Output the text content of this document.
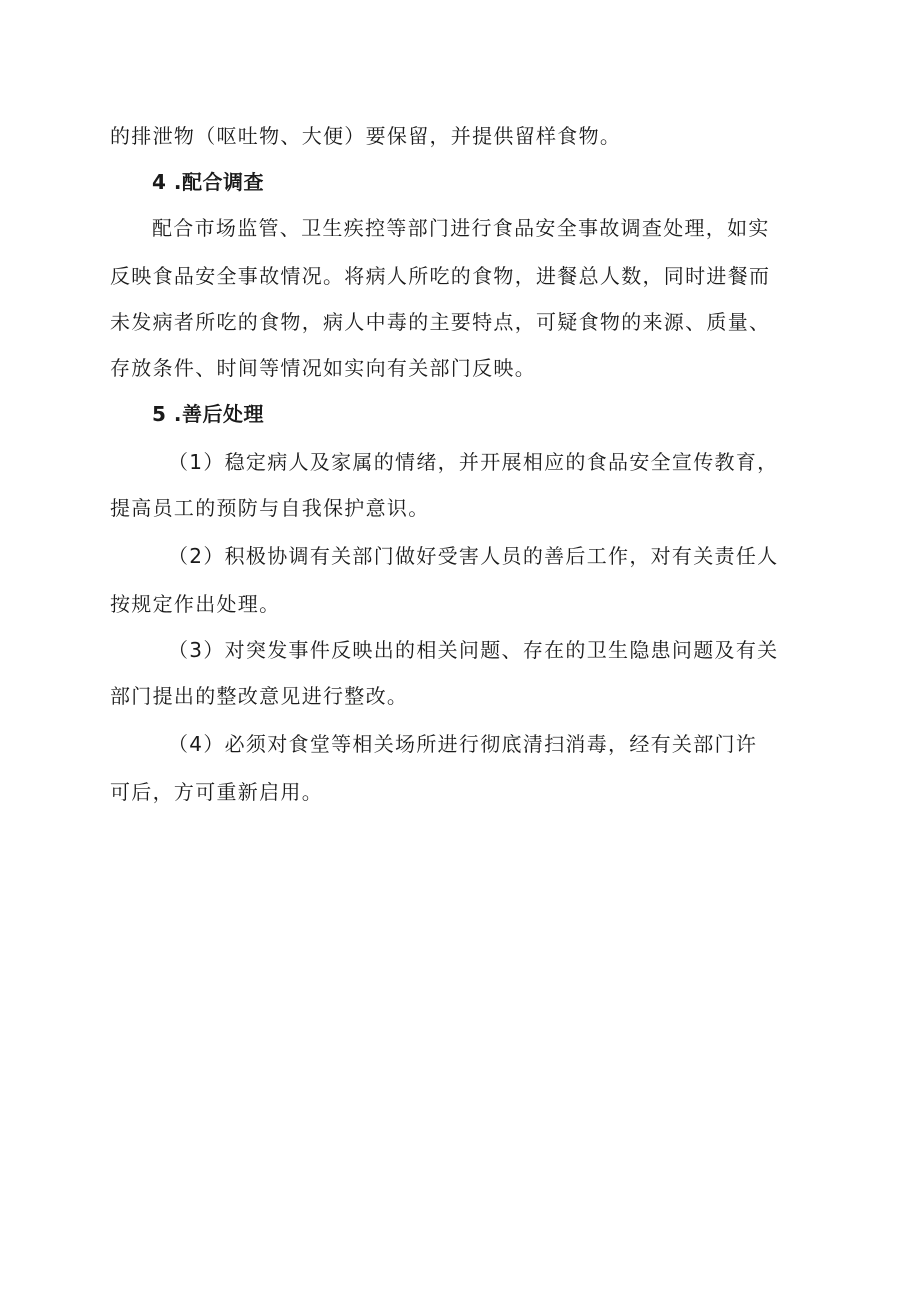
的排泄物（呕吐物、大便）要保留，并提供留样食物。
4 .配合调查
配合市场监管、卫生疾控等部门进行食品安全事故调查处理，如实
反映食品安全事故情况。将病人所吃的食物，进餐总人数，同时进餐而
未发病者所吃的食物，病人中毒的主要特点，可疑食物的来源、质量、
存放条件、时间等情况如实向有关部门反映。
5 .善后处理
（1）稳定病人及家属的情绪，并开展相应的食品安全宣传教育，
提高员工的预防与自我保护意识。
（2）积极协调有关部门做好受害人员的善后工作，对有关责任人
按规定作出处理。
（3）对突发事件反映出的相关问题、存在的卫生隐患问题及有关
部门提出的整改意见进行整改。
（4）必须对食堂等相关场所进行彻底清扫消毒，经有关部门许
可后，方可重新启用。
